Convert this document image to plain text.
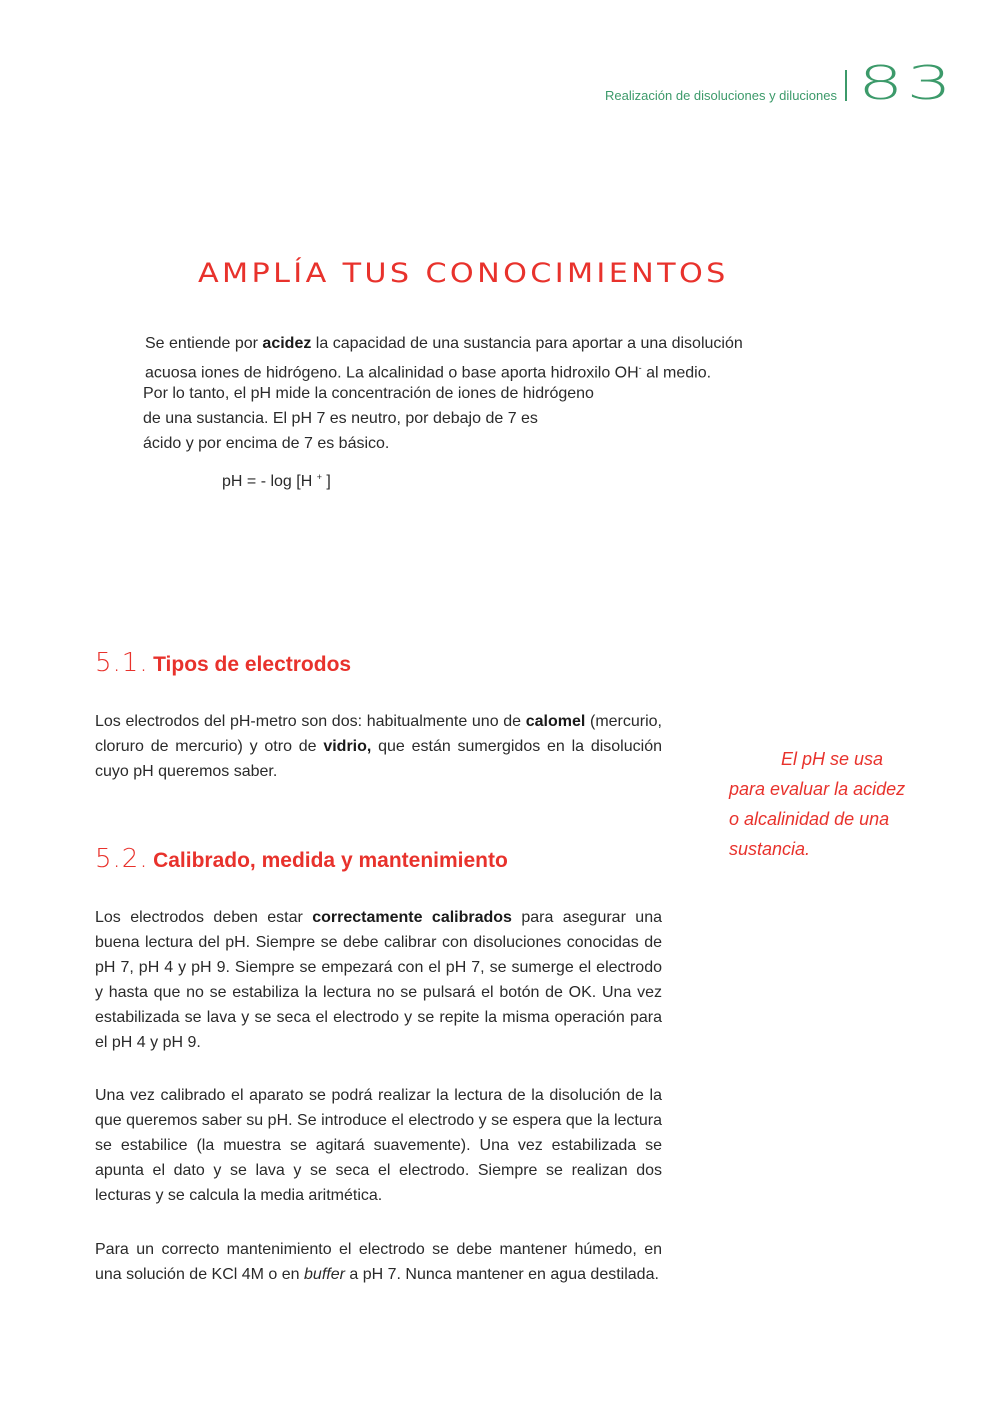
Realización de disoluciones y diluciones 83
AMPLÍA TUS CONOCIMIENTOS
Se entiende por acidez la capacidad de una sustancia para aportar a una disolución
acuosa iones de hidrógeno. La alcalinidad o base aporta hidroxilo OH- al medio.
Por lo tanto, el pH mide la concentración de iones de hidrógeno
de una sustancia. El pH 7 es neutro, por debajo de 7 es
ácido y por encima de 7 es básico.
pH = - log [H + ]
5.1. Tipos de electrodos
Los electrodos del pH-metro son dos: habitualmente uno de calomel (mercurio, cloruro de mercurio) y otro de vidrio, que están sumergidos en la disolución cuyo pH queremos saber.
El pH se usa
para evaluar la acidez
o alcalinidad de una
sustancia.
5.2. Calibrado, medida y mantenimiento
Los electrodos deben estar correctamente calibrados para asegurar una buena lectura del pH. Siempre se debe calibrar con disoluciones conocidas de pH 7, pH 4 y pH 9. Siempre se empezará con el pH 7, se sumerge el electrodo y hasta que no se estabiliza la lectura no se pulsará el botón de OK. Una vez estabilizada se lava y se seca el electrodo y se repite la misma operación para el pH 4 y pH 9.
Una vez calibrado el aparato se podrá realizar la lectura de la disolución de la que queremos saber su pH. Se introduce el electrodo y se espera que la lectura se estabilice (la muestra se agitará suavemente). Una vez estabilizada se apunta el dato y se lava y se seca el electrodo. Siempre se realizan dos lecturas y se calcula la media aritmética.
Para un correcto mantenimiento el electrodo se debe mantener húmedo, en una solución de KCl 4M o en buffer a pH 7. Nunca mantener en agua destilada.
